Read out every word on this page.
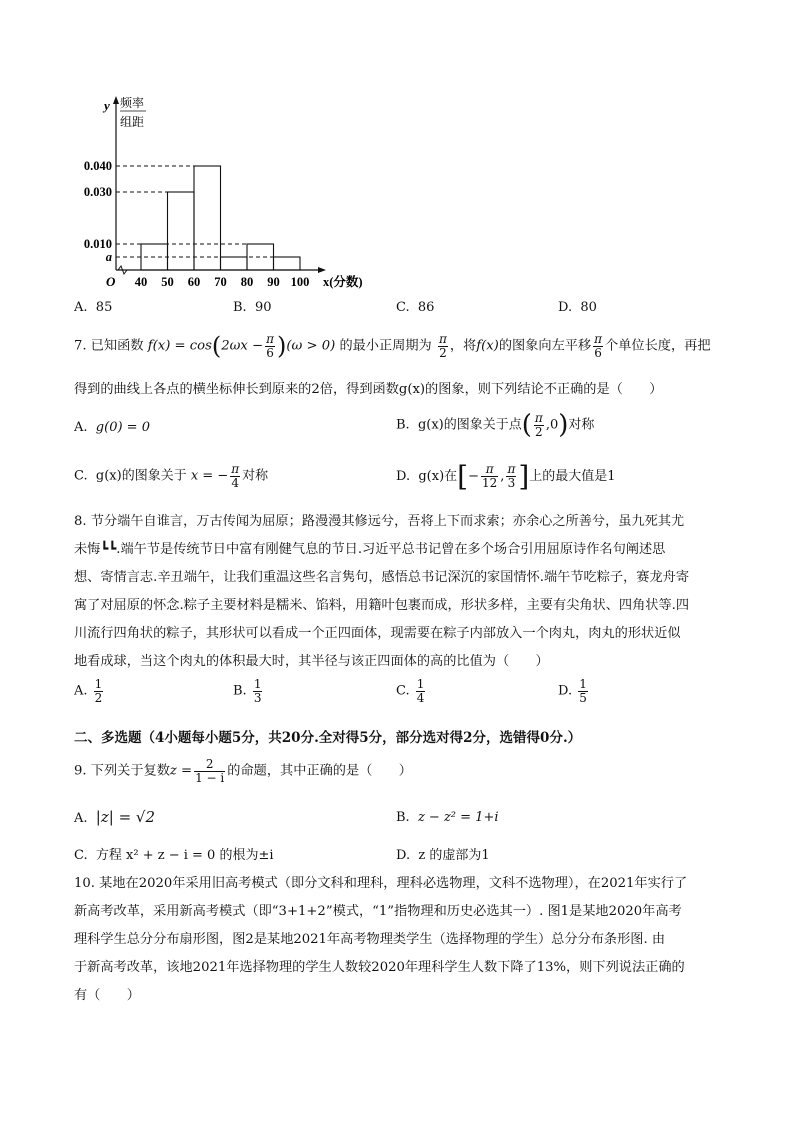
y 频率
组距
O
0.040
0.030
0.010
a
40 50 60 70 80 90 100 x(分数)
A. 85	B. 90	C. 86	D. 80
7. 已知函数 $f(x) = \cos(2\omega x - \frac{\pi}{6} )(\omega > 0)$ 的最小正周期为 $\frac{\pi}{2}$ ，将f(x)的图象向左平移 $\frac{\pi}{6}$ 个单位长度，再把
得到的曲线上各点的横坐标伸长到原来的2倍，得到函数g(x)的图象，则下列结论不正确的是（　　）
A. g(0) = 0	B. g(x)的图象关于点( $\frac{\pi}{2} ,0$)对称
C. g(x)的图象关于 x = − $\frac{\pi}{4}$ 对称	D. g(x)在[− $\frac{\pi}{12}$ , $\frac{\pi}{3}$ ]上的最大值是1
8. 节分端午自谁言，万古传闻为屈原；路漫漫其修远兮，吾将上下而求索；亦余心之所善兮，虽九死其尤
未悔┗┗.端午节是传统节日中富有刚健气息的节日.习近平总书记曾在多个场合引用屈原诗作名句阐述思
想、寄情言志.辛丑端午，让我们重温这些名言隽句，感悟总书记深沉的家国情怀.端午节吃粽子，赛龙舟寄
寓了对屈原的怀念.粽子主要材料是糯米、馅料，用籍叶包裹而成，形状多样，主要有尖角状、四角状等.四
川流行四角状的粽子，其形状可以看成一个正四面体，现需要在粽子内部放入一个肉丸，肉丸的形状近似
地看成球，当这个肉丸的体积最大时，其半径与该正四面体的高的比值为（　　）
A. $\frac{1}{2}$	B. $\frac{1}{3}$	C. $\frac{1}{4}$	D. $\frac{1}{5}$
二、多选题（4小题每小题5分，共20分.全对得5分，部分选对得2分，选错得0分.）
9. 下列关于复数$z = \frac{2}{1 - i}$ 的命题，其中正确的是（　　）
A. |z| = √2	B. z − z² = 1+i
C. 方程 x² + z − i = 0 的根为±i	D. z 的虚部为1
10. 某地在2020年采用旧高考模式（即分文科和理科，理科必选物理，文科不选物理），在2021年实行了
新高考改革，采用新高考模式（即“3+1+2”模式，“1”指物理和历史必选其一）. 图1是某地2020年高考
理科学生总分分布扇形图，图2是某地2021年高考物理类学生（选择物理的学生）总分分布条形图. 由
于新高考改革，该地2021年选择物理的学生人数较2020年理科学生人数下降了13%，则下列说法正确的
有（　　）
